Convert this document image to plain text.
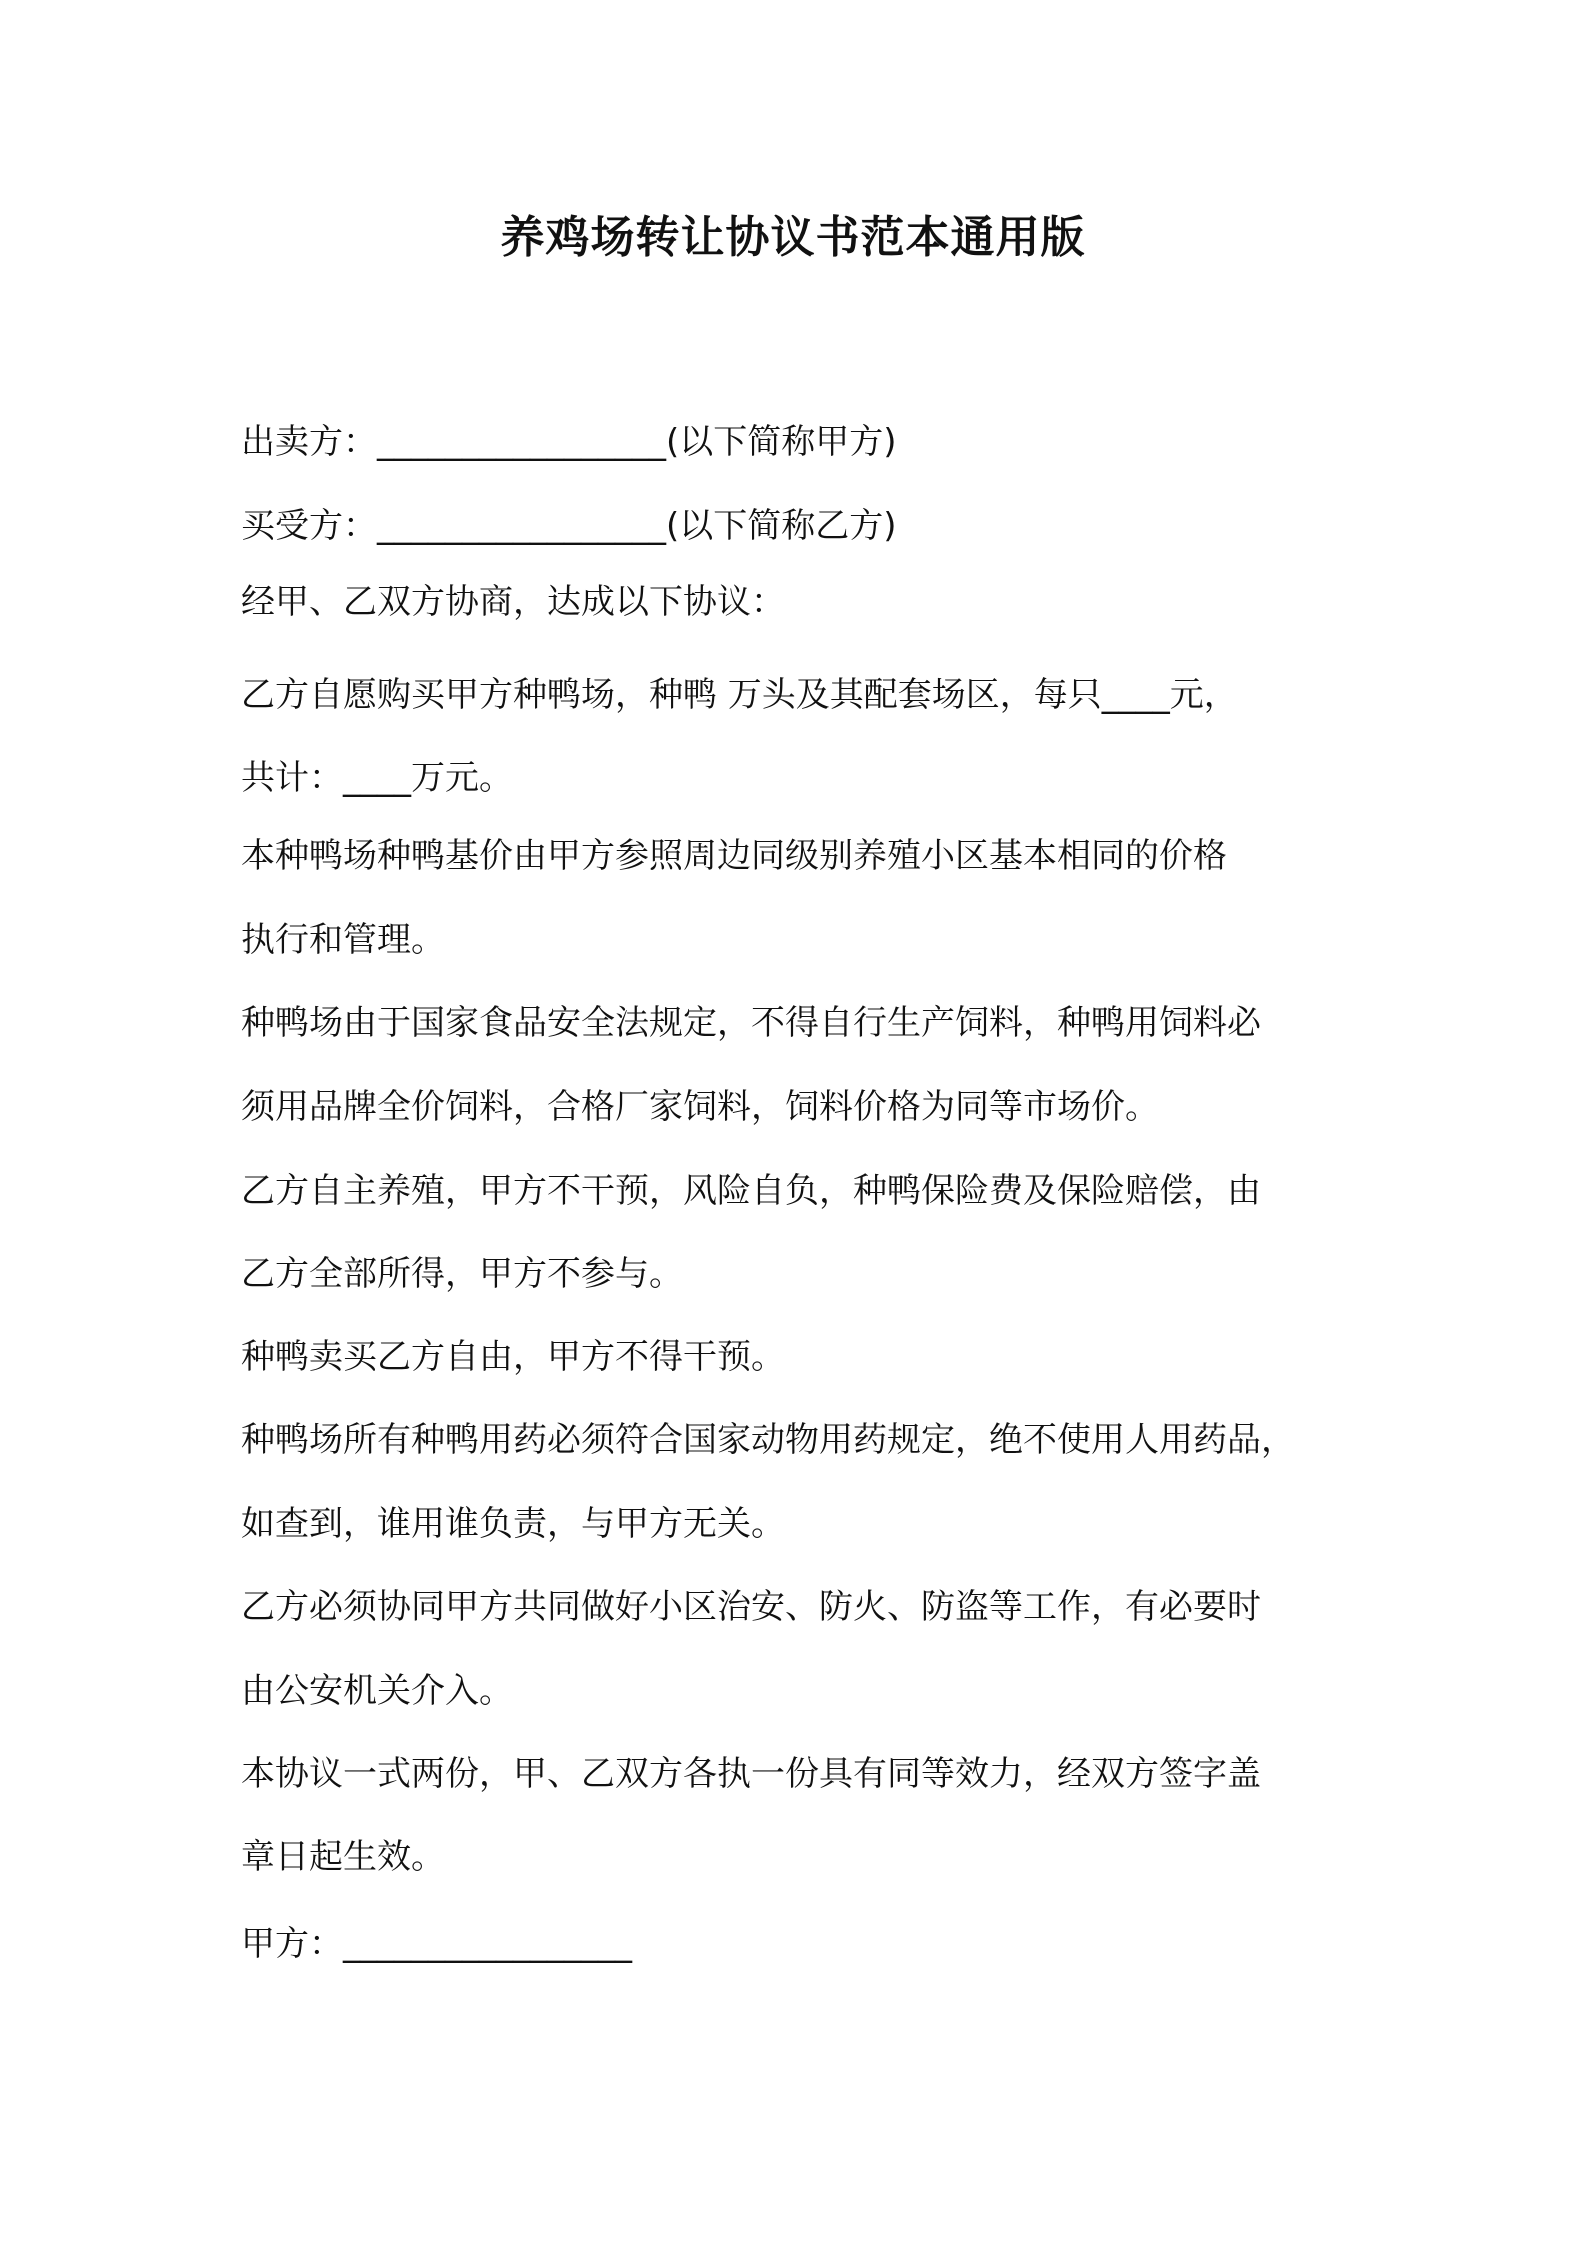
养鸡场转让协议书范本通用版

出卖方：_________________(以下简称甲方)

买受方：_________________(以下简称乙方)

经甲、乙双方协商，达成以下协议：

乙方自愿购买甲方种鸭场，种鸭 万头及其配套场区，每只____元，

共计：____万元。

本种鸭场种鸭基价由甲方参照周边同级别养殖小区基本相同的价格

执行和管理。

种鸭场由于国家食品安全法规定，不得自行生产饲料，种鸭用饲料必

须用品牌全价饲料，合格厂家饲料，饲料价格为同等市场价。

乙方自主养殖，甲方不干预，风险自负，种鸭保险费及保险赔偿，由

乙方全部所得，甲方不参与。

种鸭卖买乙方自由，甲方不得干预。

种鸭场所有种鸭用药必须符合国家动物用药规定，绝不使用人用药品，

如查到，谁用谁负责，与甲方无关。

乙方必须协同甲方共同做好小区治安、防火、防盗等工作，有必要时

由公安机关介入。

本协议一式两份，甲、乙双方各执一份具有同等效力，经双方签字盖

章日起生效。

甲方：_________________
